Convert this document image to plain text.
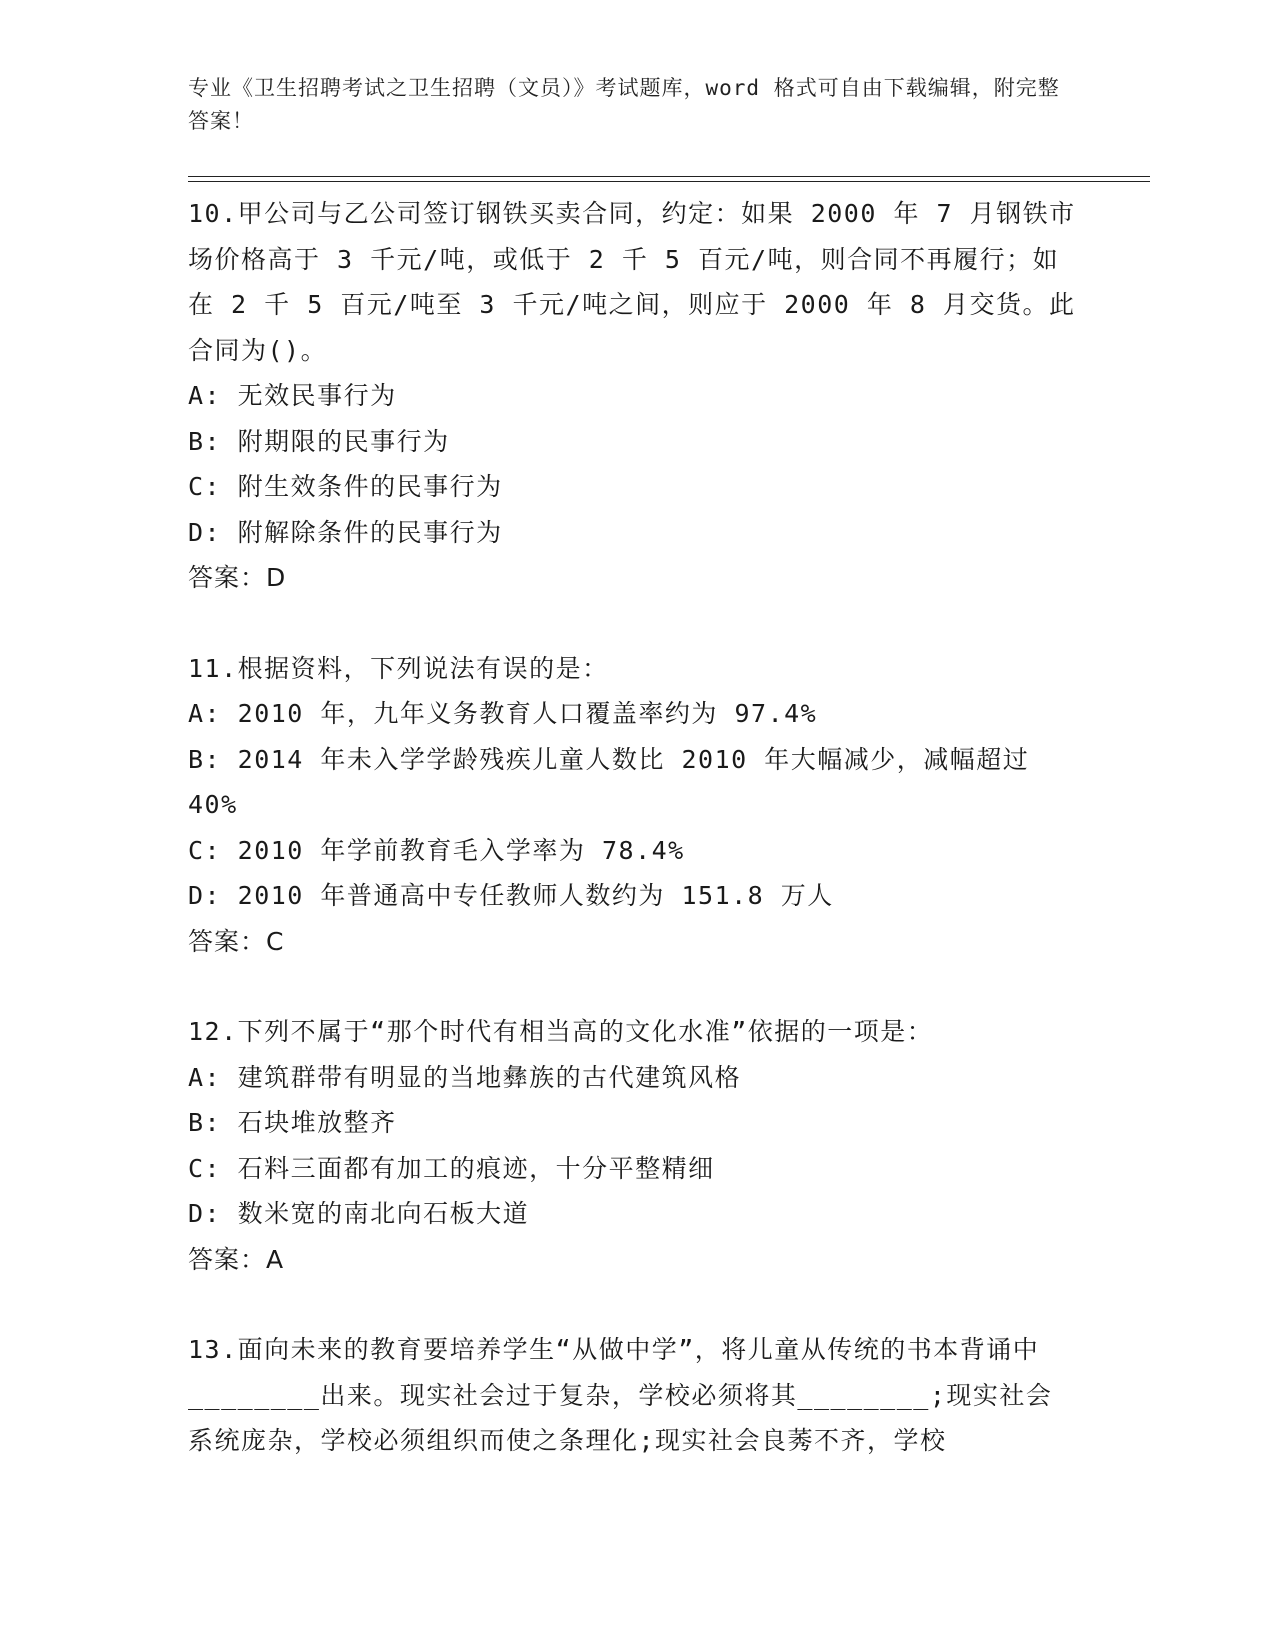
专业《卫生招聘考试之卫生招聘（文员）》考试题库，word 格式可自由下载编辑，附完整答案！
10.甲公司与乙公司签订钢铁买卖合同，约定：如果 2000 年 7 月钢铁市场价格高于 3 千元/吨，或低于 2 千 5 百元/吨，则合同不再履行；如在 2 千 5 百元/吨至 3 千元/吨之间，则应于 2000 年 8 月交货。此合同为()。
A: 无效民事行为
B: 附期限的民事行为
C: 附生效条件的民事行为
D: 附解除条件的民事行为
答案：D
11.根据资料，下列说法有误的是：
A: 2010 年，九年义务教育人口覆盖率约为 97.4%
B: 2014 年未入学学龄残疾儿童人数比 2010 年大幅减少，减幅超过 40%
C: 2010 年学前教育毛入学率为 78.4%
D: 2010 年普通高中专任教师人数约为 151.8 万人
答案：C
12.下列不属于“那个时代有相当高的文化水准”依据的一项是：
A: 建筑群带有明显的当地彝族的古代建筑风格
B: 石块堆放整齐
C: 石料三面都有加工的痕迹，十分平整精细
D: 数米宽的南北向石板大道
答案：A
13.面向未来的教育要培养学生“从做中学”，将儿童从传统的书本背诵中________出来。现实社会过于复杂，学校必须将其________;现实社会系统庞杂，学校必须组织而使之条理化;现实社会良莠不齐，学校
